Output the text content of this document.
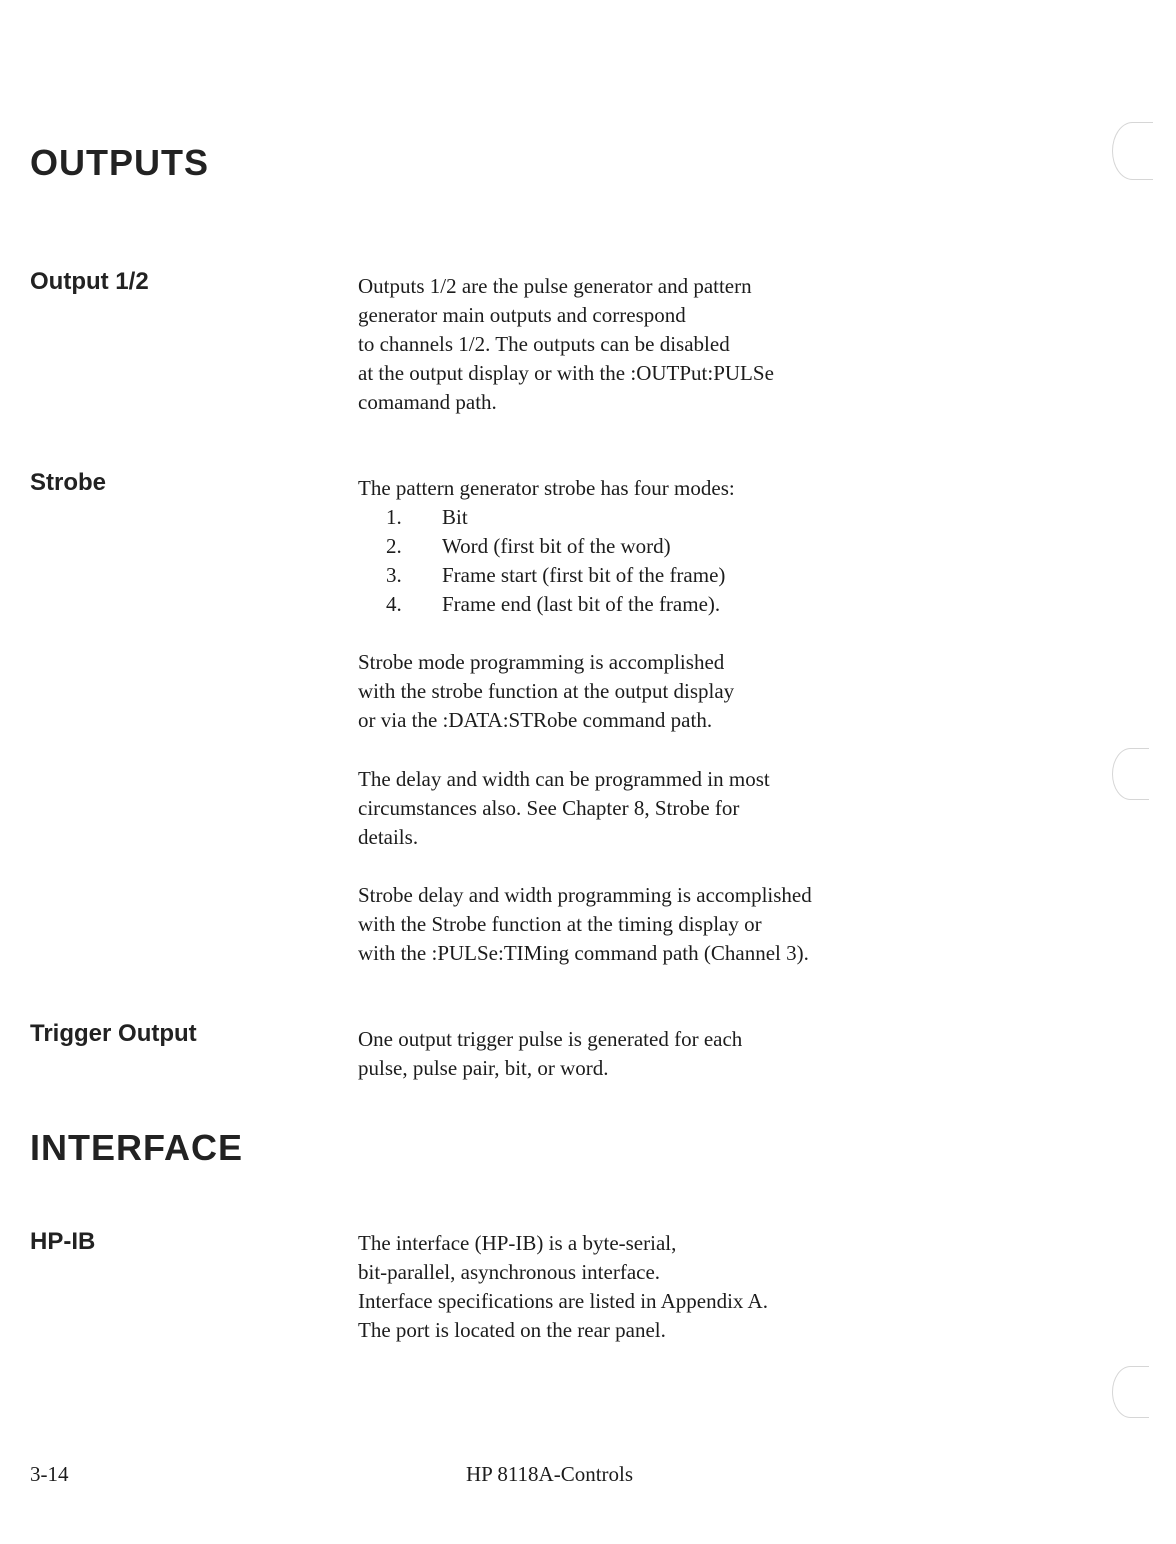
OUTPUTS
Output 1/2	Outputs 1/2 are the pulse generator and pattern

generator main outputs and correspond

to channels 1/2. The outputs can be disabled

at the output display or with the :OUTPut:PULSe

comamand path.

Strobe	The pattern generator strobe has four modes:

1.	Bit
2.	Word (first bit of the word)
3.	Frame start (first bit of the frame)
4.	Frame end (last bit of the frame).

Strobe mode programming is accomplished

with the strobe function at the output display

or via the :DATA:STRobe command path.

The delay and width can be programmed in most

circumstances also. See Chapter 8, Strobe for

details.

Strobe delay and width programming is accomplished

with the Strobe function at the timing display or

with the :PULSe:TIMing command path (Channel 3).

Trigger Output	One output trigger pulse is generated for each

pulse, pulse pair, bit, or word.

INTERFACE
HP-IB	The interface (HP-IB) is a byte-serial,

bit-parallel, asynchronous interface.

Interface specifications are listed in Appendix A.

The port is located on the rear panel.

3-14	HP 8118A-Controls
